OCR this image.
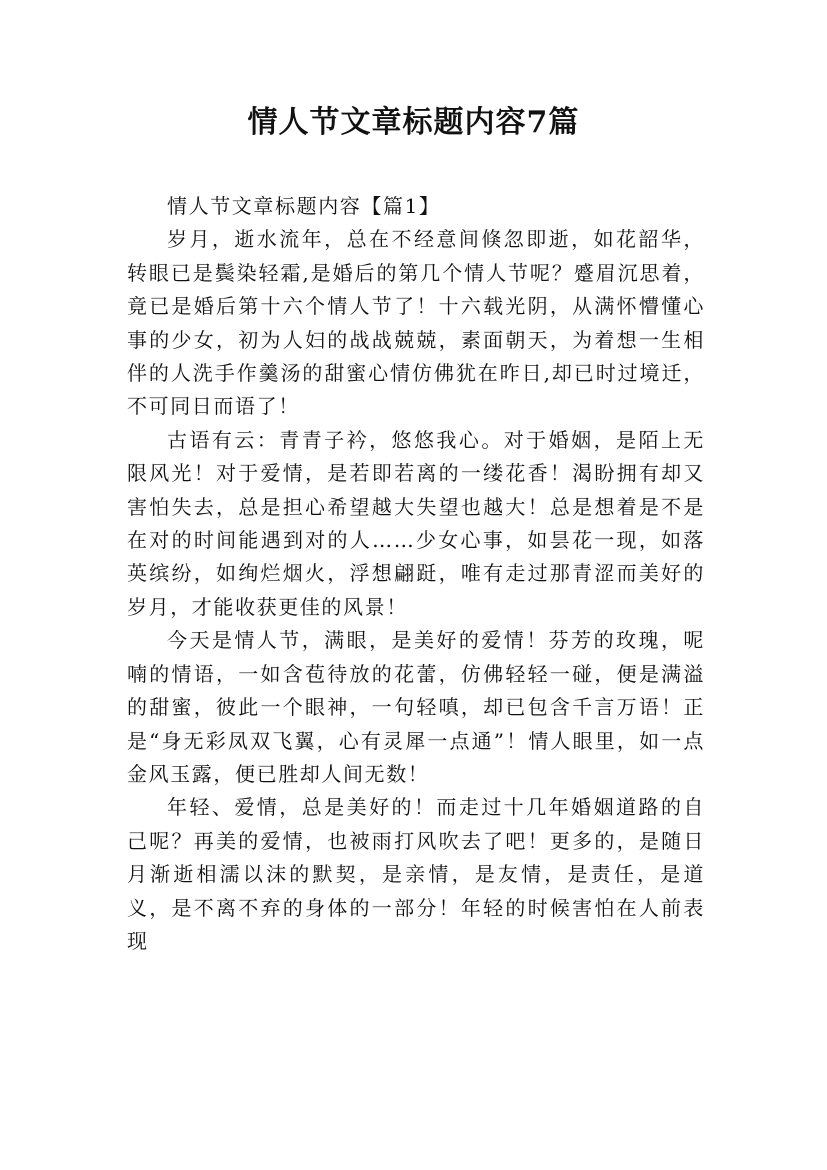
情人节文章标题内容7篇

情人节文章标题内容【篇1】

岁月，逝水流年，总在不经意间倏忽即逝，如花韶华，转眼已是鬓染轻霜,是婚后的第几个情人节呢？蹙眉沉思着，竟已是婚后第十六个情人节了！十六载光阴，从满怀懵懂心事的少女，初为人妇的战战兢兢，素面朝天，为着想一生相伴的人洗手作羹汤的甜蜜心情仿佛犹在昨日,却已时过境迁，不可同日而语了！

古语有云：青青子衿，悠悠我心。对于婚姻，是陌上无限风光！对于爱情，是若即若离的一缕花香！渴盼拥有却又害怕失去，总是担心希望越大失望也越大！总是想着是不是在对的时间能遇到对的人……少女心事，如昙花一现，如落英缤纷，如绚烂烟火，浮想翩跹，唯有走过那青涩而美好的岁月，才能收获更佳的风景！

今天是情人节，满眼，是美好的爱情！芬芳的玫瑰，呢喃的情语，一如含苞待放的花蕾，仿佛轻轻一碰，便是满溢的甜蜜，彼此一个眼神，一句轻嗔，却已包含千言万语！正是“身无彩凤双飞翼，心有灵犀一点通”！情人眼里，如一点金风玉露，便已胜却人间无数！

年轻、爱情，总是美好的！而走过十几年婚姻道路的自己呢？再美的爱情，也被雨打风吹去了吧！更多的，是随日月渐逝相濡以沫的默契，是亲情，是友情，是责任，是道义，是不离不弃的身体的一部分！年轻的时候害怕在人前表现
